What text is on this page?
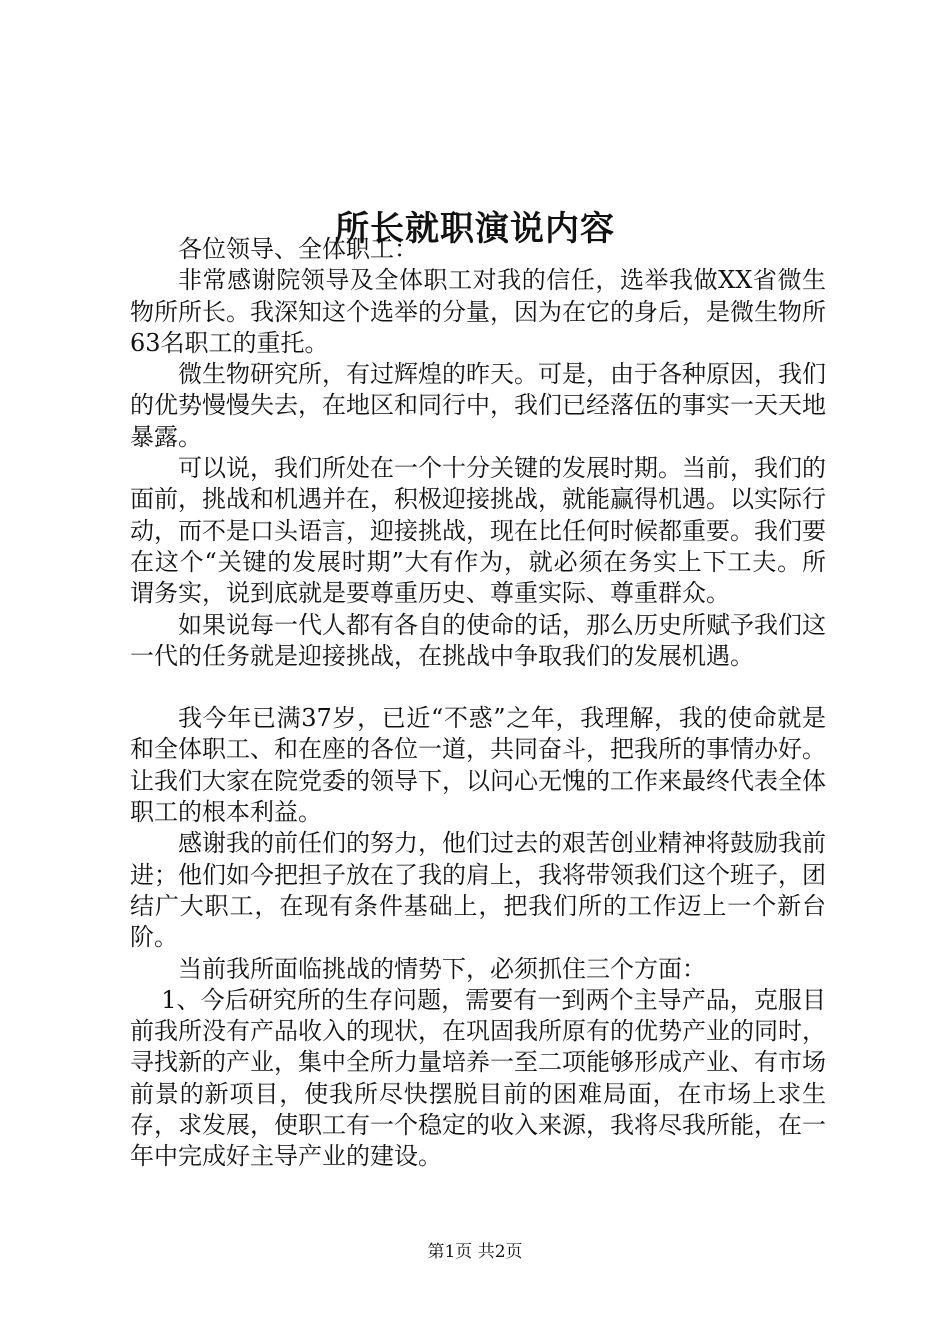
所长就职演说内容

各位领导、全体职工：

非常感谢院领导及全体职工对我的信任，选举我做XX省微生物所所长。我深知这个选举的分量，因为在它的身后，是微生物所63名职工的重托。

微生物研究所，有过辉煌的昨天。可是，由于各种原因，我们的优势慢慢失去，在地区和同行中，我们已经落伍的事实一天天地暴露。

可以说，我们所处在一个十分关键的发展时期。当前，我们的面前，挑战和机遇并在，积极迎接挑战，就能赢得机遇。以实际行动，而不是口头语言，迎接挑战，现在比任何时候都重要。我们要在这个“关键的发展时期”大有作为，就必须在务实上下工夫。所谓务实，说到底就是要尊重历史、尊重实际、尊重群众。

如果说每一代人都有各自的使命的话，那么历史所赋予我们这一代的任务就是迎接挑战，在挑战中争取我们的发展机遇。

我今年已满37岁，已近“不惑”之年，我理解，我的使命就是和全体职工、和在座的各位一道，共同奋斗，把我所的事情办好。让我们大家在院党委的领导下，以问心无愧的工作来最终代表全体职工的根本利益。

感谢我的前任们的努力，他们过去的艰苦创业精神将鼓励我前进；他们如今把担子放在了我的肩上，我将带领我们这个班子，团结广大职工，在现有条件基础上，把我们所的工作迈上一个新台阶。

当前我所面临挑战的情势下，必须抓住三个方面：

1、今后研究所的生存问题，需要有一到两个主导产品，克服目前我所没有产品收入的现状，在巩固我所原有的优势产业的同时，寻找新的产业，集中全所力量培养一至二项能够形成产业、有市场前景的新项目，使我所尽快摆脱目前的困难局面，在市场上求生存，求发展，使职工有一个稳定的收入来源，我将尽我所能，在一年中完成好主导产业的建设。

第1页 共2页
